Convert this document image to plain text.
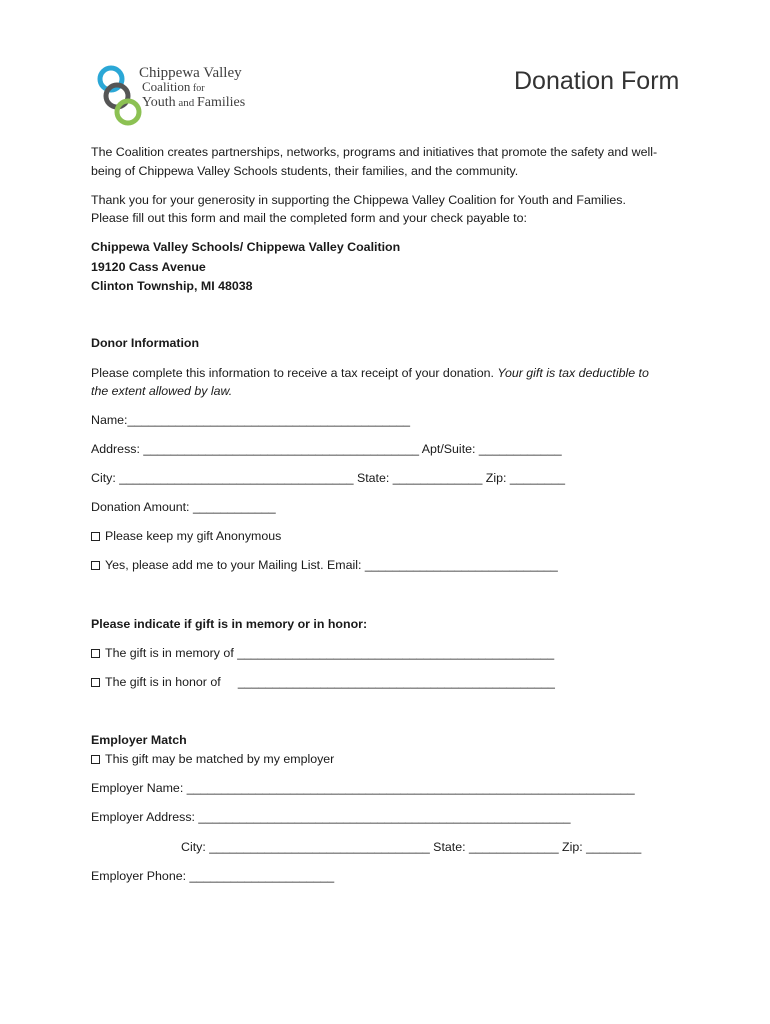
Chippewa Valley
Coalition for
Youth and Families
Donation Form
The Coalition creates partnerships, networks, programs and initiatives that promote the safety and well-
being of Chippewa Valley Schools students, their families, and the community.
Thank you for your generosity in supporting the Chippewa Valley Coalition for Youth and Families.
Please fill out this form and mail the completed form and your check payable to:
Chippewa Valley Schools/ Chippewa Valley Coalition
19120 Cass Avenue
Clinton Township, MI 48038
Donor Information
Please complete this information to receive a tax receipt of your donation. Your gift is tax deductible to
the extent allowed by law.
Name:_________________________________________
Address: ________________________________________ Apt/Suite: ____________
City: __________________________________ State: _____________ Zip: ________
Donation Amount: ____________
Please keep my gift Anonymous
Yes, please add me to your Mailing List. Email: ____________________________
Please indicate if gift is in memory or in honor:
The gift is in memory of ______________________________________________
The gift is in honor of     ______________________________________________
Employer Match
This gift may be matched by my employer
Employer Name: _________________________________________________________________
Employer Address: ______________________________________________________
City: ________________________________ State: _____________ Zip: ________
Employer Phone: _____________________
